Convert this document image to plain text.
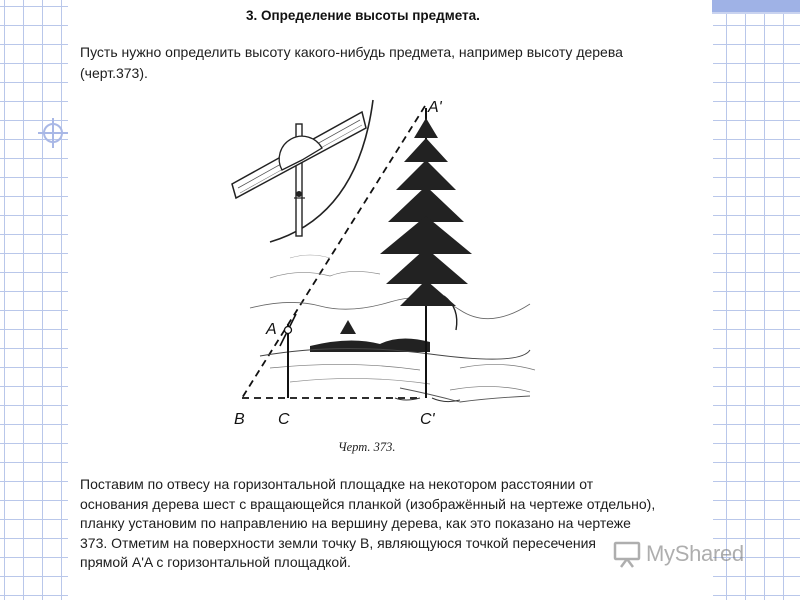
3. Определение высоты предмета.
Пусть нужно определить высоту какого-нибудь предмета, например высоту дерева (черт.373).
A'
A
B C	C'
Черт. 373.
Поставим по отвесу на горизонтальной площадке на некотором расстоянии от
основания дерева шест с вращающейся планкой (изображённый на чертеже отдельно),
планку установим по направлению на вершину дерева, как это показано на чертеже
373. Отметим на поверхности земли точку B, являющуюся точкой пересечения
прямой A'A с горизонтальной площадкой.	MyShared
